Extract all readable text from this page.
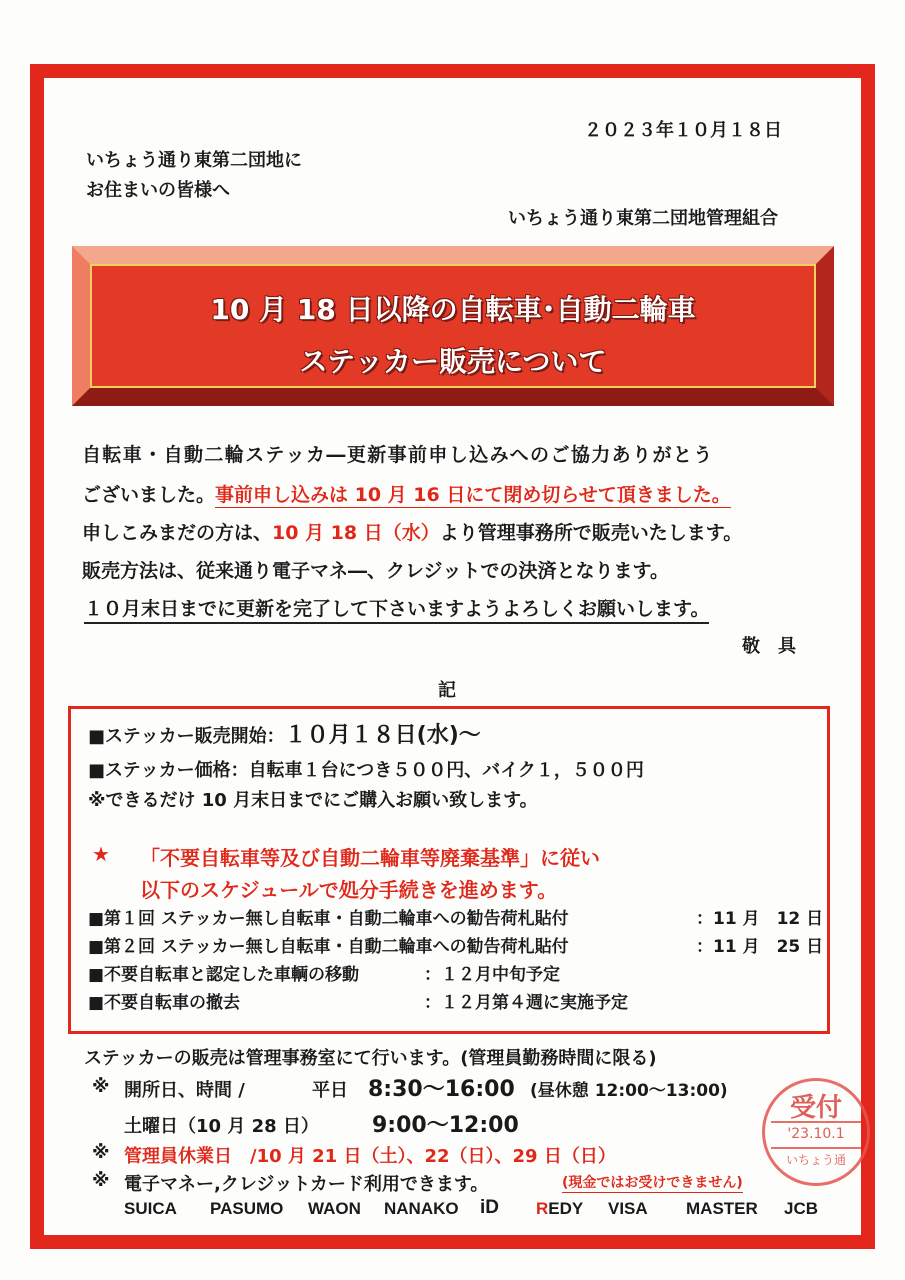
２０２３年１０月１８日
いちょう通り東第二団地に
お住まいの皆様へ
いちょう通り東第二団地管理組合
10 月 18 日以降の自転車･自動二輪車
ステッカー販売について
自転車・自動二輪ステッカ―更新事前申し込みへのご協力ありがとう
ございました。事前申し込みは 10 月 16 日にて閉め切らせて頂きました。
申しこみまだの方は、10 月 18 日（水）より管理事務所で販売いたします。
販売方法は、従来通り電子マネ―、クレジットでの決済となります。
１０月末日までに更新を完了して下さいますようよろしくお願いします。
敬　具
記
■ステッカー販売開始：１０月１８日(水)～
■ステッカー価格：自転車１台につき５００円、バイク１，５００円
※できるだけ 10 月末日までにご購入お願い致します。
★ 「不要自転車等及び自動二輪車等廃棄基準」に従い
以下のスケジュールで処分手続きを進めます。
■第１回 ステッカー無し自転車・自動二輪車への勧告荷札貼付	：11 月　12 日
■第２回 ステッカー無し自転車・自動二輪車への勧告荷札貼付	：11 月　25 日
■不要自転車と認定した車輌の移動	：１２月中旬予定
■不要自転車の撤去	：１２月第４週に実施予定
ステッカーの販売は管理事務室にて行います。(管理員勤務時間に限る)
※ 開所日、時間 /	平日 8:30～16:00 (昼休憩 12:00～13:00)
土曜日（10 月 28 日） 9:00～12:00
※ 管理員休業日　/10 月 21 日（土）、22（日）、29 日（日）
※ 電子マネー,クレジットカード利用できます。	(現金ではお受けできません)
SUICA PASUMO WAON NANAKO iD REDY VISA MASTER JCB
受付
'23.10.1
いちょう通
